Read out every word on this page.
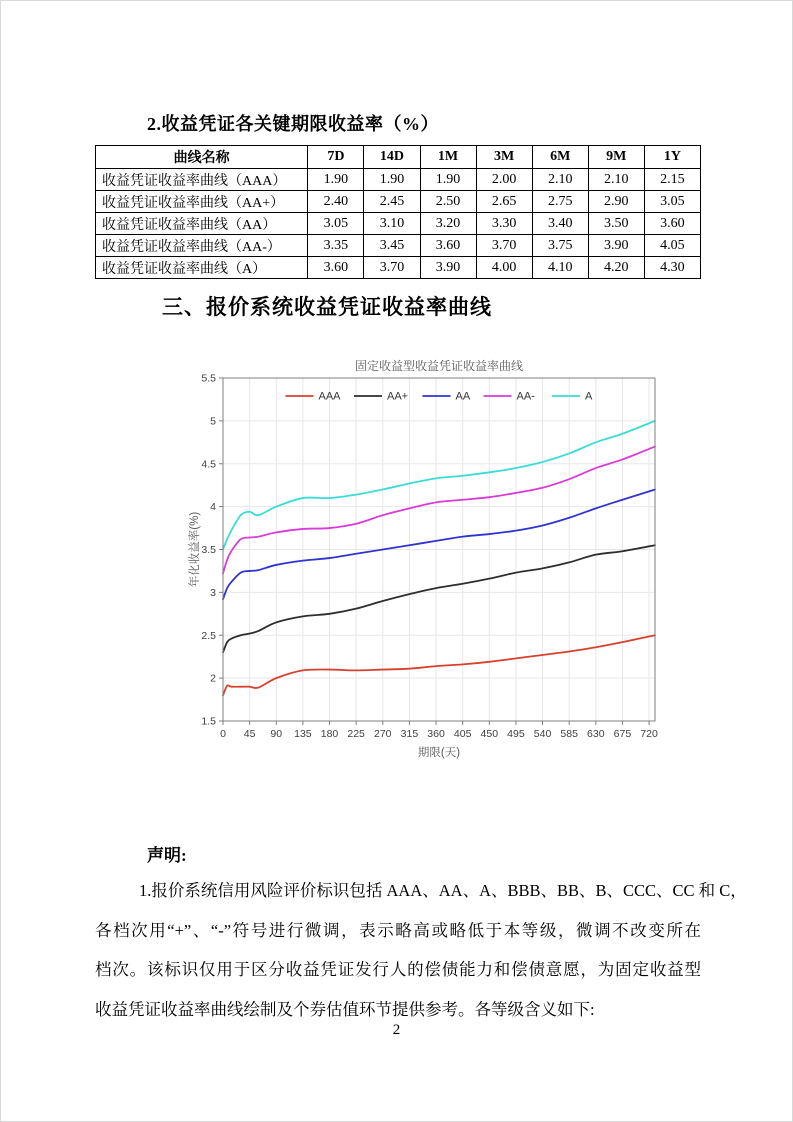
2.收益凭证各关键期限收益率（%）
曲线名称	7D	14D	1M	3M	6M	9M	1Y
收益凭证收益率曲线（AAA）	1.90	1.90	1.90	2.00	2.10	2.10	2.15
收益凭证收益率曲线（AA+）	2.40	2.45	2.50	2.65	2.75	2.90	3.05
收益凭证收益率曲线（AA）	3.05	3.10	3.20	3.30	3.40	3.50	3.60
收益凭证收益率曲线（AA-）	3.35	3.45	3.60	3.70	3.75	3.90	4.05
收益凭证收益率曲线（A）	3.60	3.70	3.90	4.00	4.10	4.20	4.30
三、报价系统收益凭证收益率曲线
0 45 90 135 180 225 270 315 360 405 450 495 540 585 630 675 720
1.5
2
2.5
3
3.5
4
4.5
5
5.5
固定收益型收益凭证收益率曲线
期限(天)
年化收益率(%)
AAA	AA+	AA	AA-	A
声明:
1.报价系统信用风险评价标识包括 AAA、AA、A、BBB、BB、B、CCC、CC 和 C，
各档次用“+”、“-”符号进行微调，表示略高或略低于本等级，微调不改变所在
档次。该标识仅用于区分收益凭证发行人的偿债能力和偿债意愿，为固定收益型
收益凭证收益率曲线绘制及个券估值环节提供参考。各等级含义如下:
2
